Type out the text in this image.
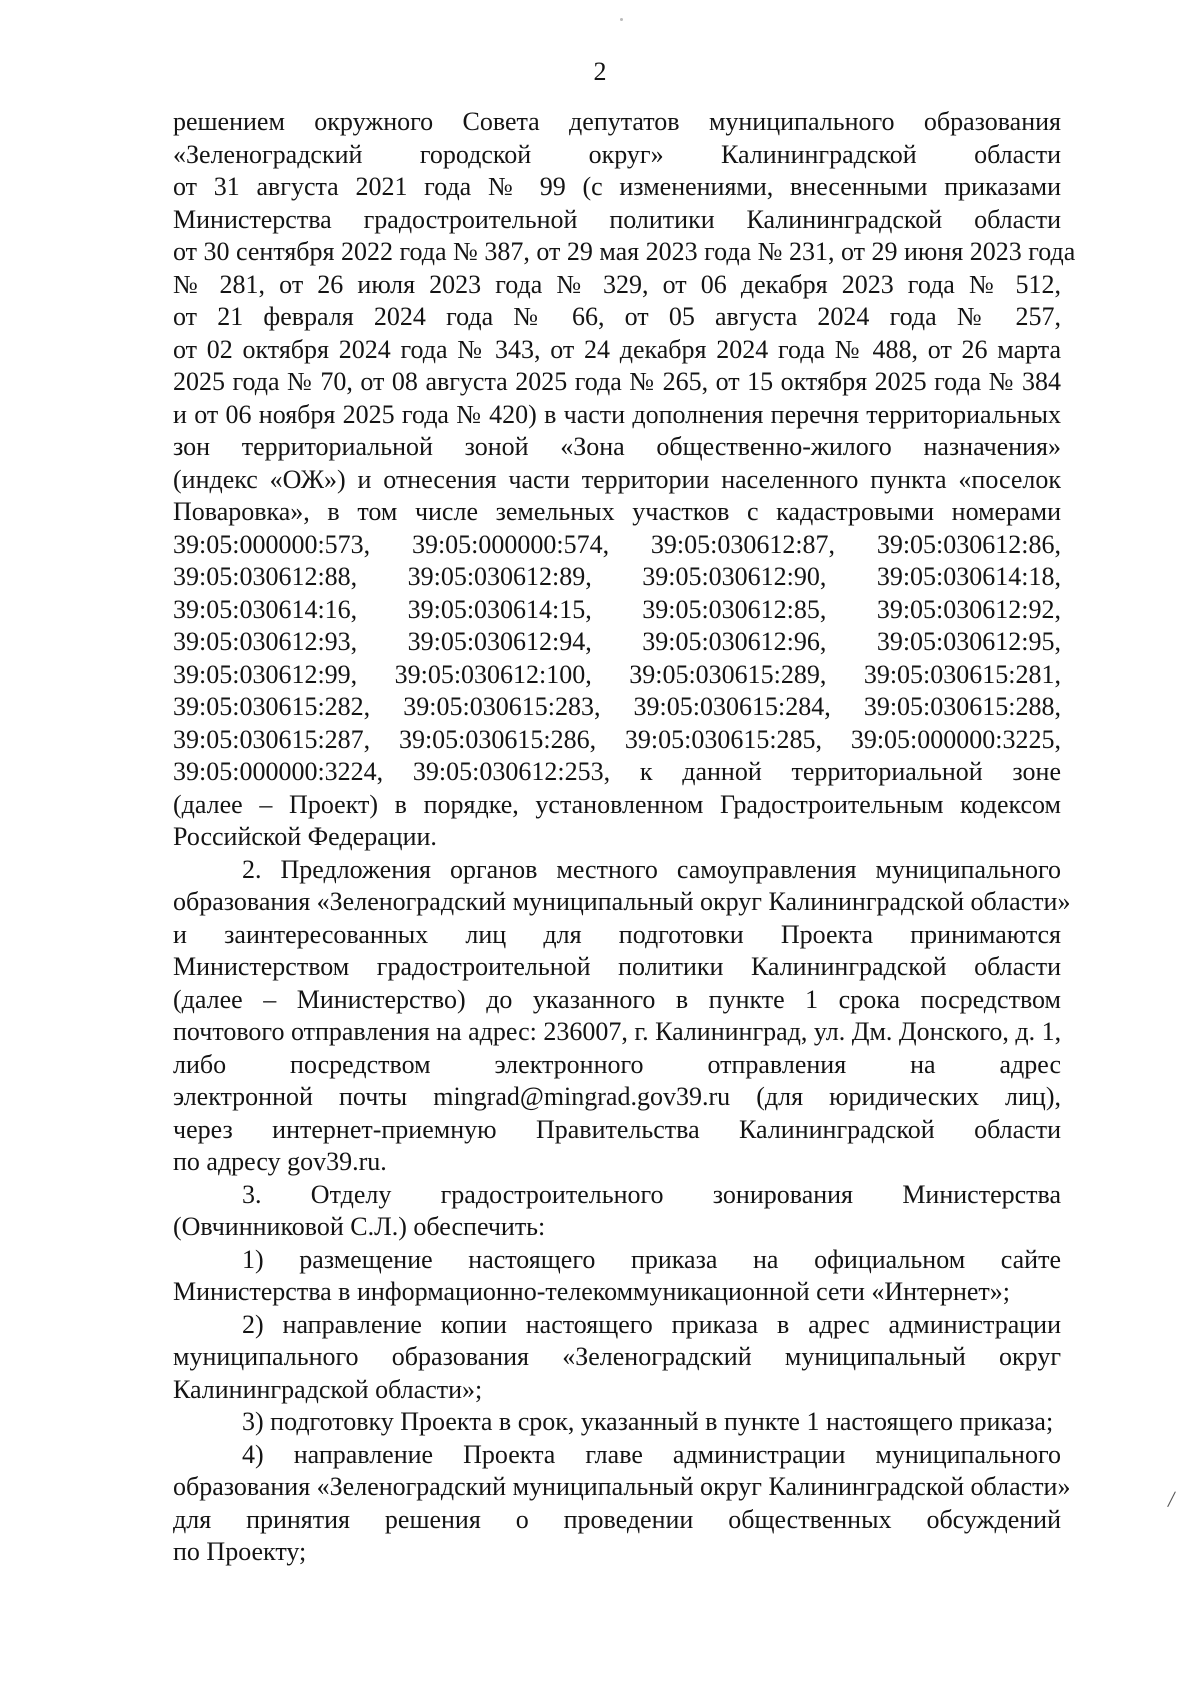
2
решением окружного Совета депутатов муниципального образования
«Зеленоградский городской округ» Калининградской области
от 31 августа 2021 года № 99 (с изменениями, внесенными приказами
Министерства градостроительной политики Калининградской области
от 30 сентября 2022 года № 387, от 29 мая 2023 года № 231, от 29 июня 2023 года
№ 281, от 26 июля 2023 года № 329, от 06 декабря 2023 года № 512,
от 21 февраля 2024 года № 66, от 05 августа 2024 года № 257,
от 02 октября 2024 года № 343, от 24 декабря 2024 года № 488, от 26 марта
2025 года № 70, от 08 августа 2025 года № 265, от 15 октября 2025 года № 384
и от 06 ноября 2025 года № 420) в части дополнения перечня территориальных
зон территориальной зоной «Зона общественно-жилого назначения»
(индекс «ОЖ») и отнесения части территории населенного пункта «поселок
Поваровка», в том числе земельных участков с кадастровыми номерами
39:05:000000:573, 39:05:000000:574, 39:05:030612:87, 39:05:030612:86,
39:05:030612:88, 39:05:030612:89, 39:05:030612:90, 39:05:030614:18,
39:05:030614:16, 39:05:030614:15, 39:05:030612:85, 39:05:030612:92,
39:05:030612:93, 39:05:030612:94, 39:05:030612:96, 39:05:030612:95,
39:05:030612:99, 39:05:030612:100, 39:05:030615:289, 39:05:030615:281,
39:05:030615:282, 39:05:030615:283, 39:05:030615:284, 39:05:030615:288,
39:05:030615:287, 39:05:030615:286, 39:05:030615:285, 39:05:000000:3225,
39:05:000000:3224, 39:05:030612:253, к данной территориальной зоне
(далее – Проект) в порядке, установленном Градостроительным кодексом
Российской Федерации.
2. Предложения органов местного самоуправления муниципального
образования «Зеленоградский муниципальный округ Калининградской области»
и заинтересованных лиц для подготовки Проекта принимаются
Министерством градостроительной политики Калининградской области
(далее – Министерство) до указанного в пункте 1 срока посредством
почтового отправления на адрес: 236007, г. Калининград, ул. Дм. Донского, д. 1,
либо посредством электронного отправления на адрес
электронной почты mingrad@mingrad.gov39.ru (для юридических лиц),
через интернет-приемную Правительства Калининградской области
по адресу gov39.ru.
3. Отделу градостроительного зонирования Министерства
(Овчинниковой С.Л.) обеспечить:
1) размещение настоящего приказа на официальном сайте
Министерства в информационно-телекоммуникационной сети «Интернет»;
2) направление копии настоящего приказа в адрес администрации
муниципального образования «Зеленоградский муниципальный округ
Калининградской области»;
3) подготовку Проекта в срок, указанный в пункте 1 настоящего приказа;
4) направление Проекта главе администрации муниципального
образования «Зеленоградский муниципальный округ Калининградской области»
для принятия решения о проведении общественных обсуждений
по Проекту;
/
